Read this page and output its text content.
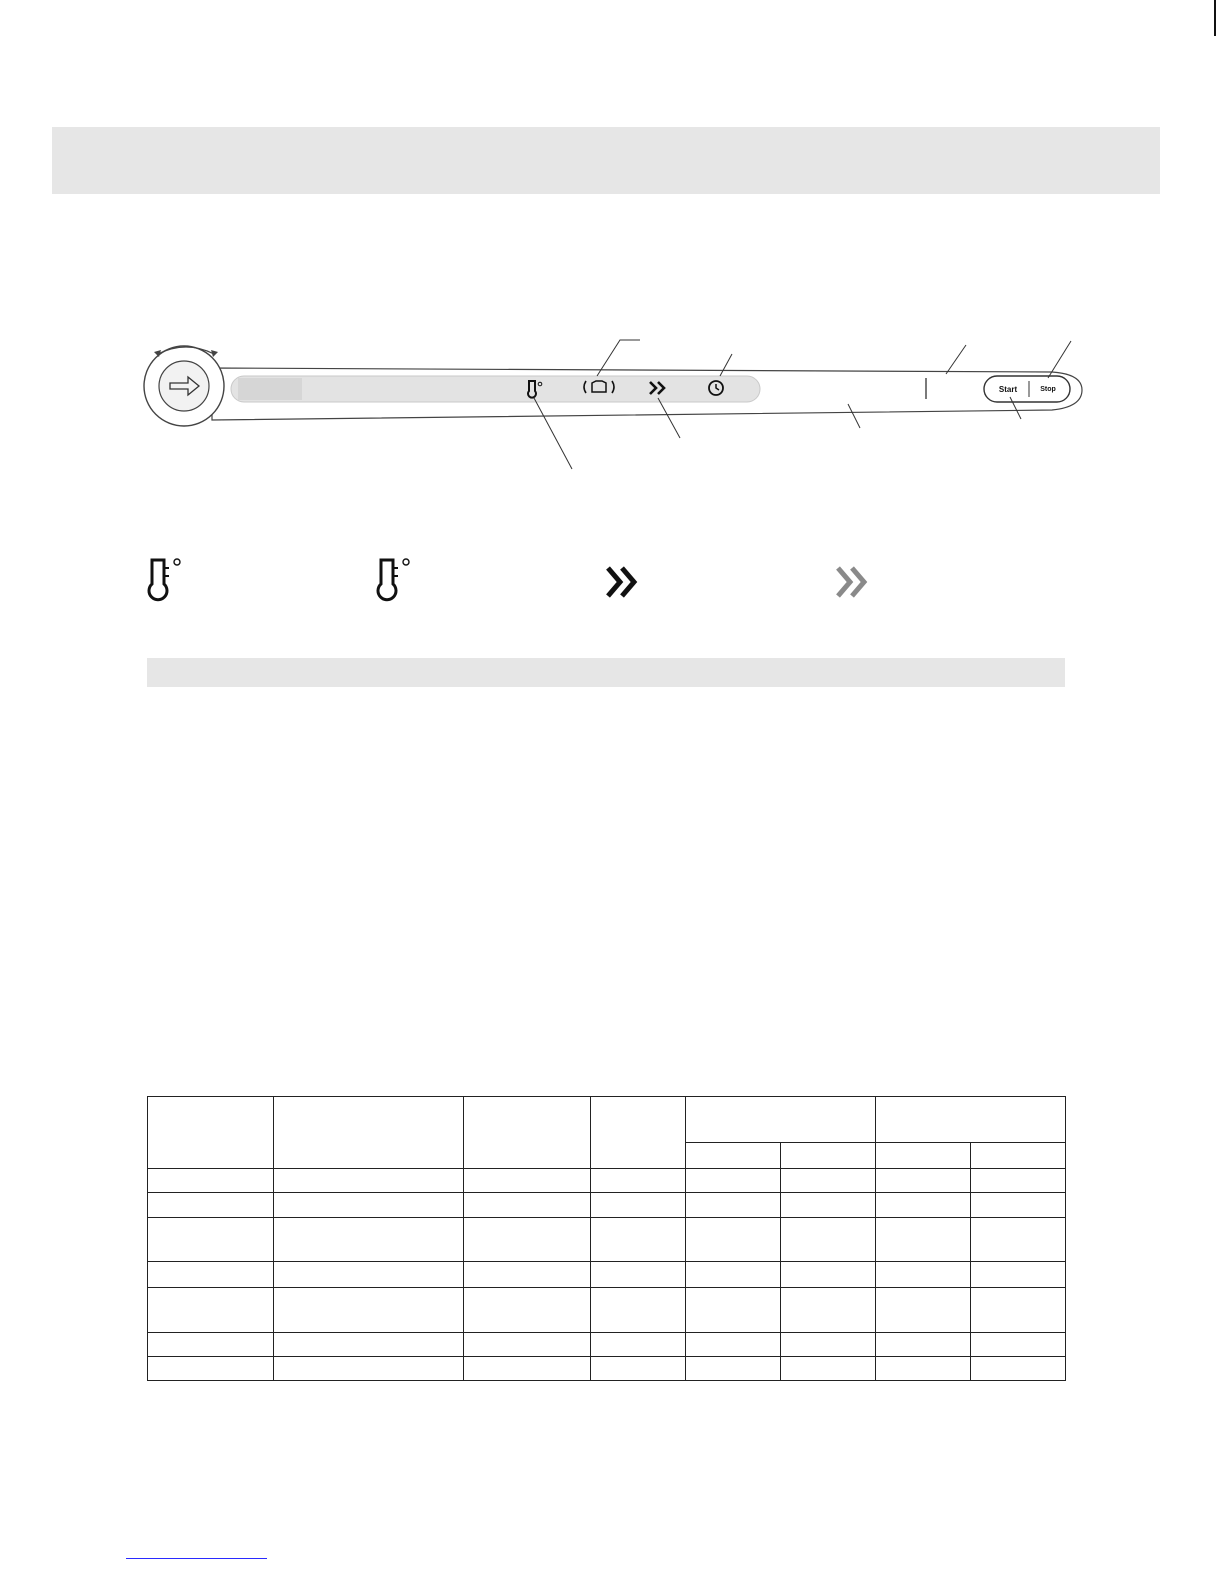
Start	Stop
